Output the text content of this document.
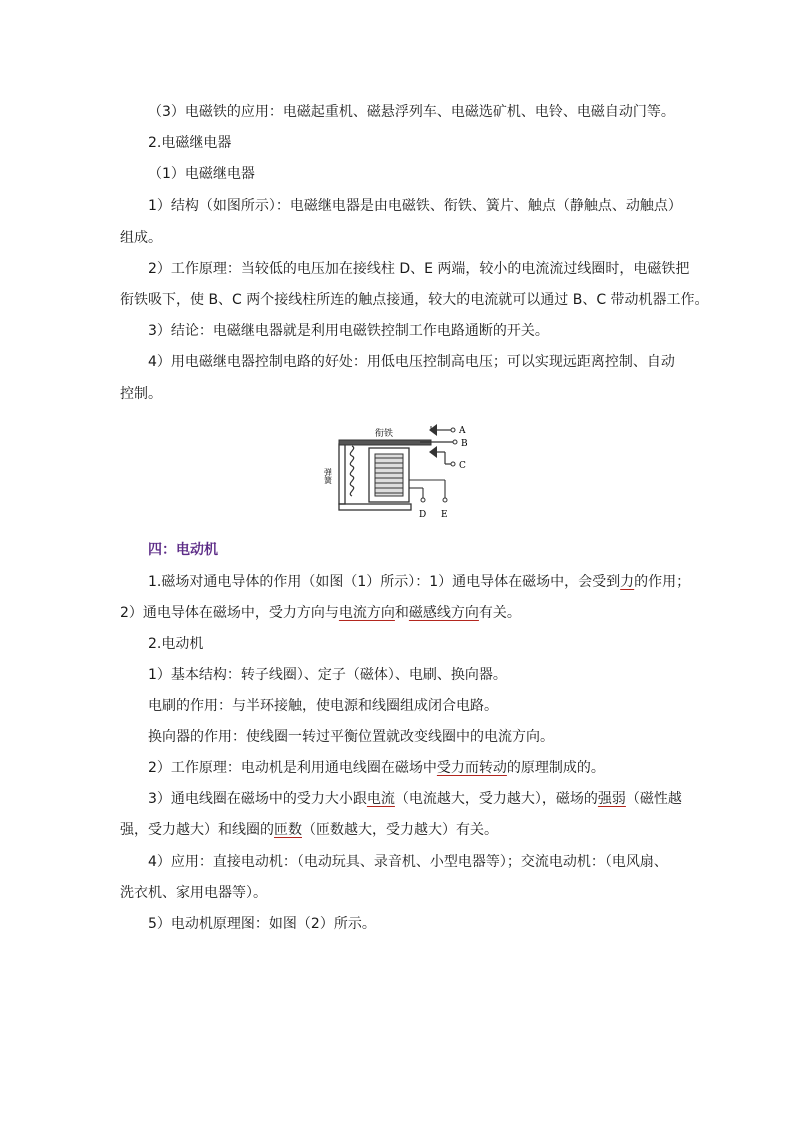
（3）电磁铁的应用：电磁起重机、磁悬浮列车、电磁选矿机、电铃、电磁自动门等。
2.电磁继电器
（1）电磁继电器
1）结构（如图所示）：电磁继电器是由电磁铁、衔铁、簧片、触点（静触点、动触点）
组成。
2）工作原理：当较低的电压加在接线柱 D、E 两端，较小的电流流过线圈时，电磁铁把
衔铁吸下，使 B、C 两个接线柱所连的触点接通，较大的电流就可以通过 B、C 带动机器工作。
3）结论：电磁继电器就是利用电磁铁控制工作电路通断的开关。
4）用电磁继电器控制电路的好处：用低电压控制高电压；可以实现远距离控制、自动
控制。
A
B
C
D E
衔铁
弹簧
四：电动机
1.磁场对通电导体的作用（如图（1）所示）：1）通电导体在磁场中，会受到力的作用；
2）通电导体在磁场中，受力方向与电流方向和磁感线方向有关。
2.电动机
1）基本结构：转子线圈）、定子（磁体）、电刷、换向器。
电刷的作用：与半环接触，使电源和线圈组成闭合电路。
换向器的作用：使线圈一转过平衡位置就改变线圈中的电流方向。
2）工作原理：电动机是利用通电线圈在磁场中受力而转动的原理制成的。
3）通电线圈在磁场中的受力大小跟电流（电流越大，受力越大），磁场的强弱（磁性越
强，受力越大）和线圈的匝数（匝数越大，受力越大）有关。
4）应用：直接电动机：（电动玩具、录音机、小型电器等）；交流电动机：（电风扇、
洗衣机、家用电器等）。
5）电动机原理图：如图（2）所示。
